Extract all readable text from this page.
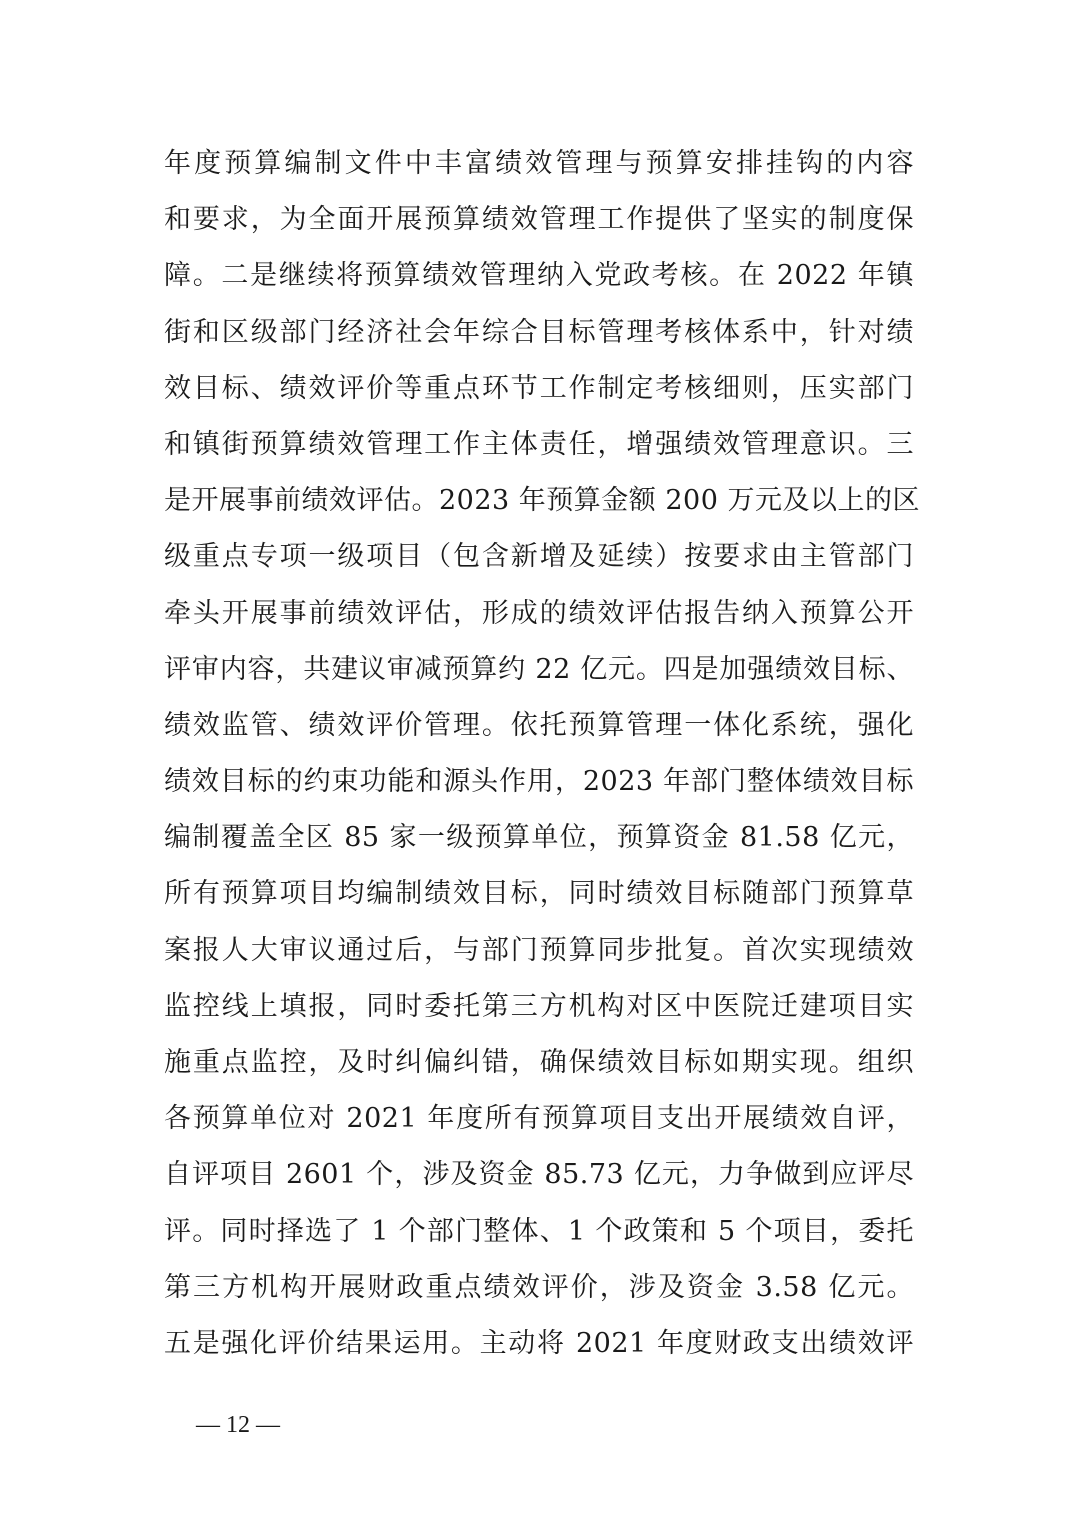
年度预算编制文件中丰富绩效管理与预算安排挂钩的内容
和要求，为全面开展预算绩效管理工作提供了坚实的制度保
障。二是继续将预算绩效管理纳入党政考核。在 2022 年镇
街和区级部门经济社会年综合目标管理考核体系中，针对绩
效目标、绩效评价等重点环节工作制定考核细则，压实部门
和镇街预算绩效管理工作主体责任，增强绩效管理意识。三
是开展事前绩效评估。2023 年预算金额 200 万元及以上的区
级重点专项一级项目（包含新增及延续）按要求由主管部门
牵头开展事前绩效评估，形成的绩效评估报告纳入预算公开
评审内容，共建议审减预算约 22 亿元。四是加强绩效目标、
绩效监管、绩效评价管理。依托预算管理一体化系统，强化
绩效目标的约束功能和源头作用，2023 年部门整体绩效目标
编制覆盖全区 85 家一级预算单位，预算资金 81.58 亿元，
所有预算项目均编制绩效目标，同时绩效目标随部门预算草
案报人大审议通过后，与部门预算同步批复。首次实现绩效
监控线上填报，同时委托第三方机构对区中医院迁建项目实
施重点监控，及时纠偏纠错，确保绩效目标如期实现。组织
各预算单位对 2021 年度所有预算项目支出开展绩效自评，
自评项目 2601 个，涉及资金 85.73 亿元，力争做到应评尽
评。同时择选了 1 个部门整体、1 个政策和 5 个项目，委托
第三方机构开展财政重点绩效评价，涉及资金 3.58 亿元。
五是强化评价结果运用。主动将 2021 年度财政支出绩效评
— 12 —
